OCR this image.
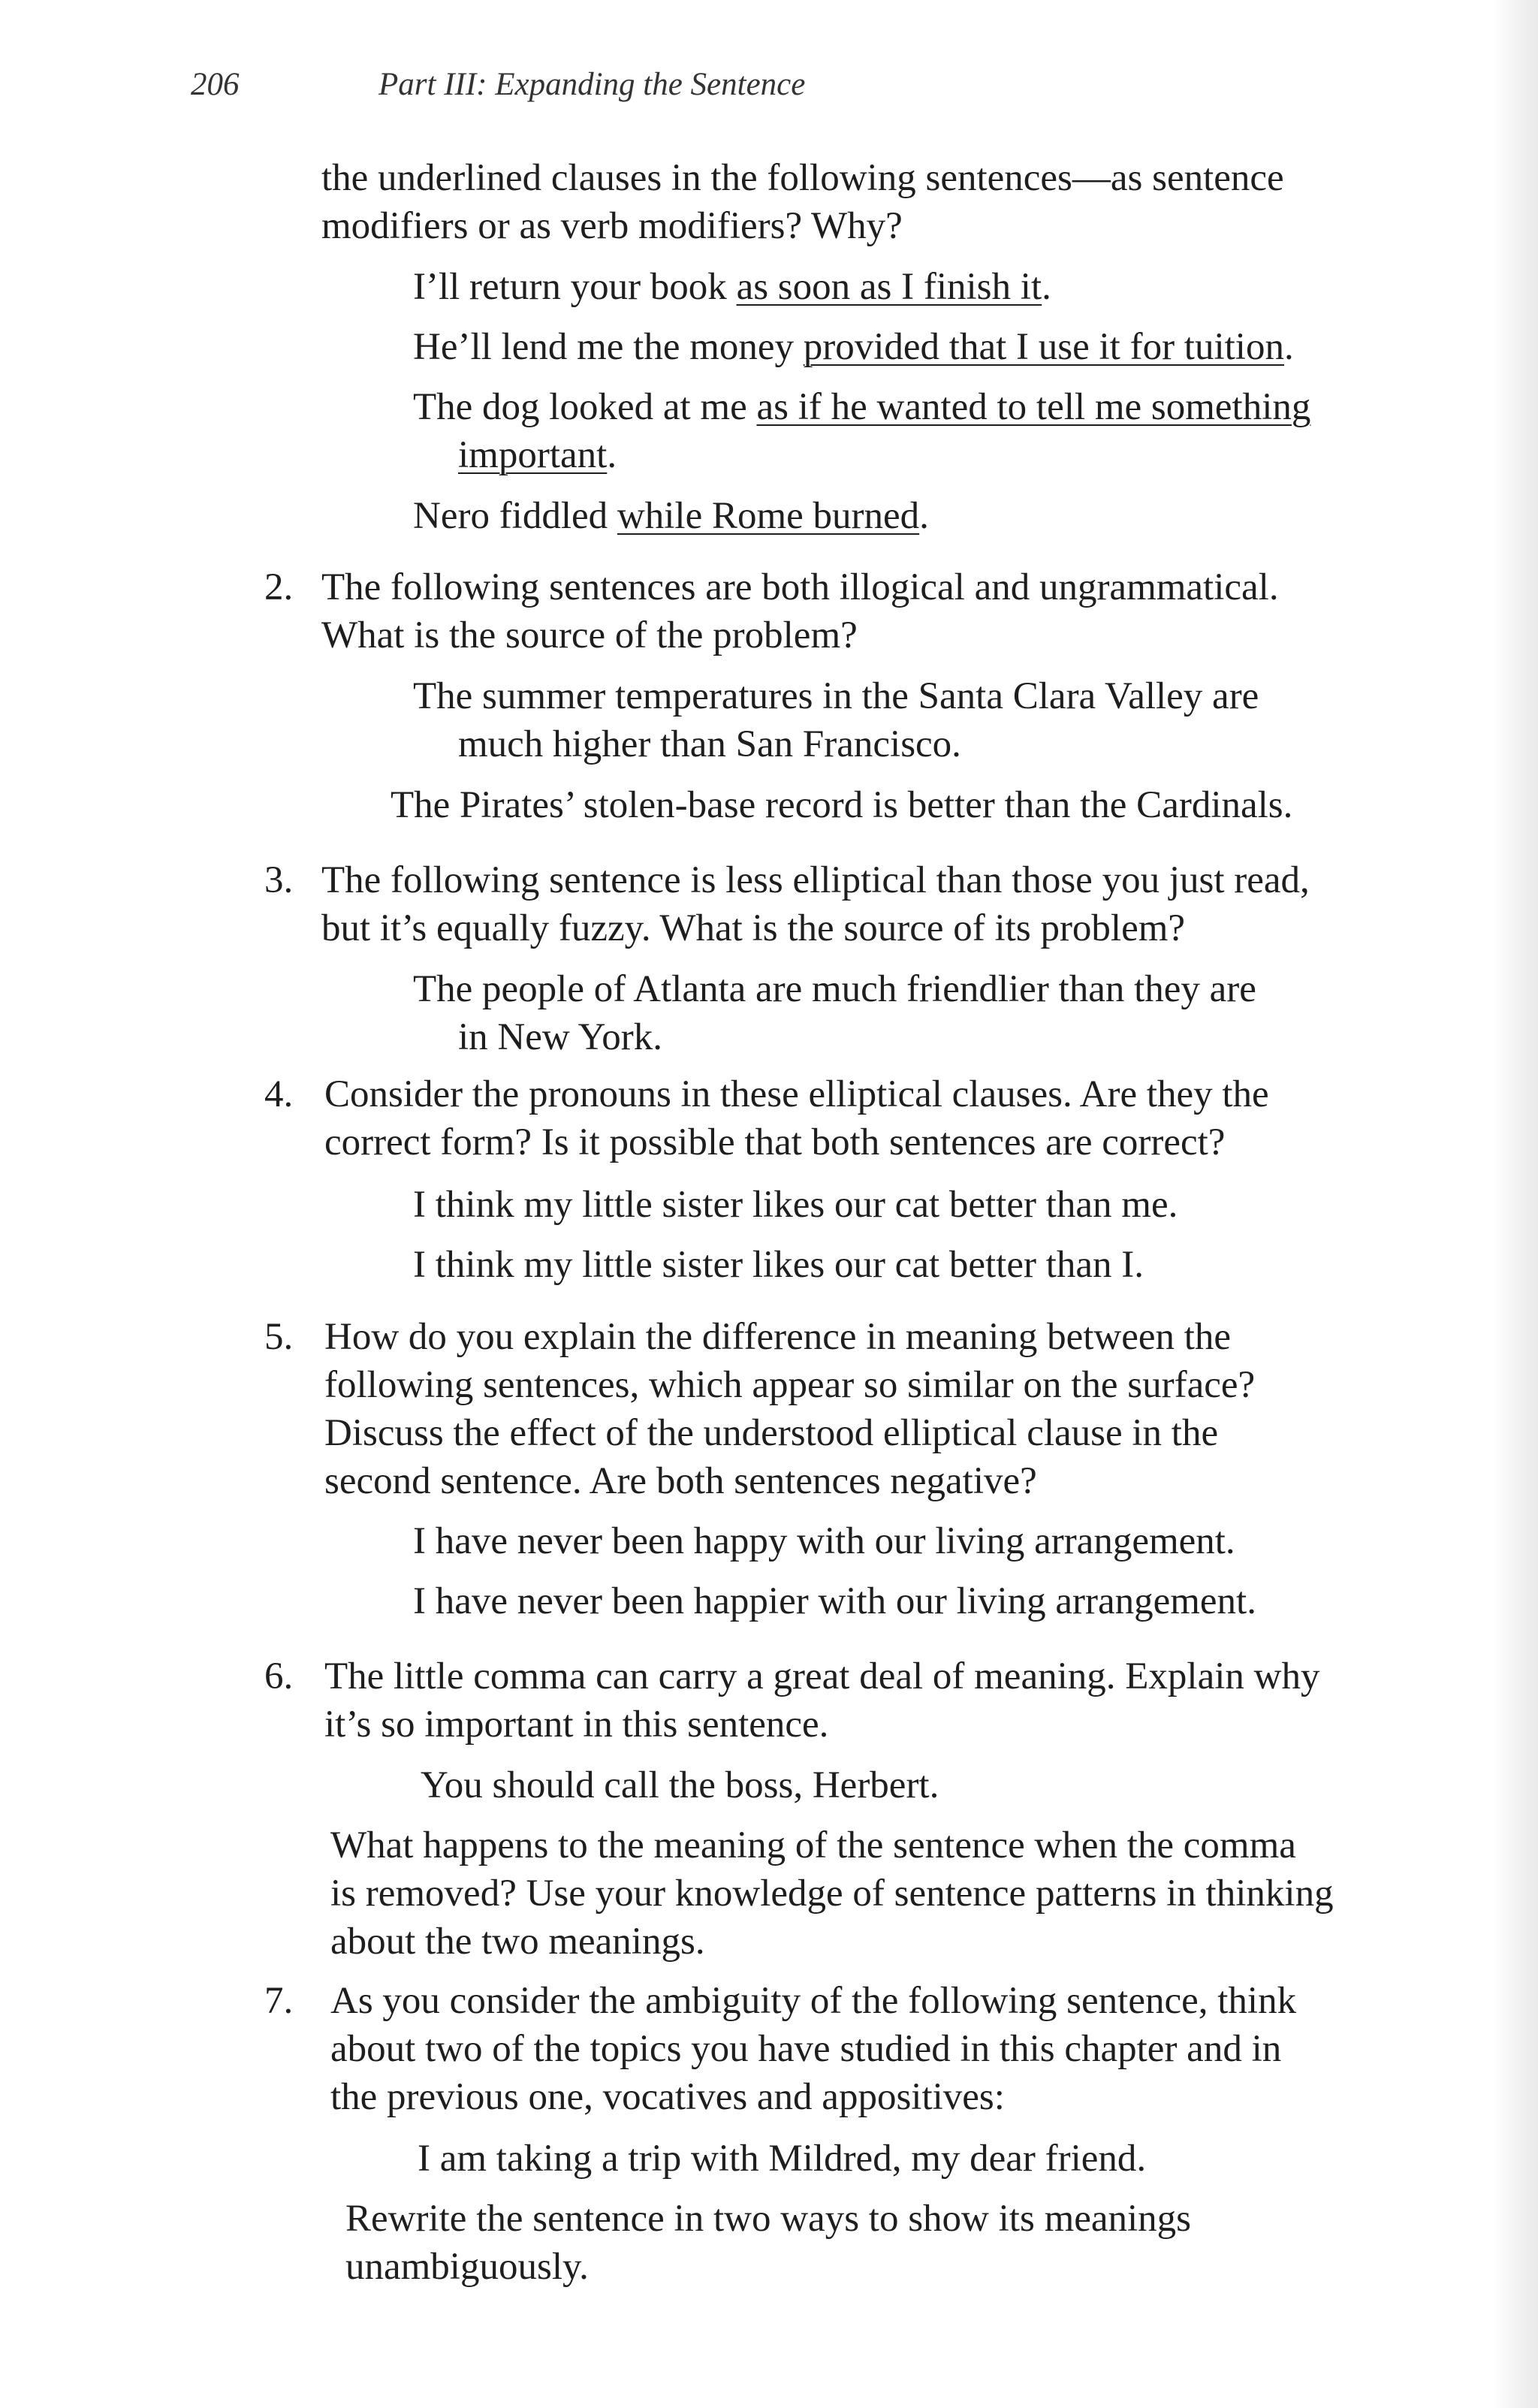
206	Part III: Expanding the Sentence
the underlined clauses in the following sentences—as sentence
modifiers or as verb modifiers? Why?
I’ll return your book as soon as I finish it.
He’ll lend me the money provided that I use it for tuition.
The dog looked at me as if he wanted to tell me something
important.
Nero fiddled while Rome burned.
2. The following sentences are both illogical and ungrammatical.
What is the source of the problem?
The summer temperatures in the Santa Clara Valley are
much higher than San Francisco.
The Pirates’ stolen-base record is better than the Cardinals.
3. The following sentence is less elliptical than those you just read,
but it’s equally fuzzy. What is the source of its problem?
The people of Atlanta are much friendlier than they are
in New York.
4. Consider the pronouns in these elliptical clauses. Are they the
correct form? Is it possible that both sentences are correct?
I think my little sister likes our cat better than me.
I think my little sister likes our cat better than I.
5. How do you explain the difference in meaning between the
following sentences, which appear so similar on the surface?
Discuss the effect of the understood elliptical clause in the
second sentence. Are both sentences negative?
I have never been happy with our living arrangement.
I have never been happier with our living arrangement.
6. The little comma can carry a great deal of meaning. Explain why
it’s so important in this sentence.
You should call the boss, Herbert.
What happens to the meaning of the sentence when the comma
is removed? Use your knowledge of sentence patterns in thinking
about the two meanings.
7. As you consider the ambiguity of the following sentence, think
about two of the topics you have studied in this chapter and in
the previous one, vocatives and appositives:
I am taking a trip with Mildred, my dear friend.
Rewrite the sentence in two ways to show its meanings
unambiguously.
